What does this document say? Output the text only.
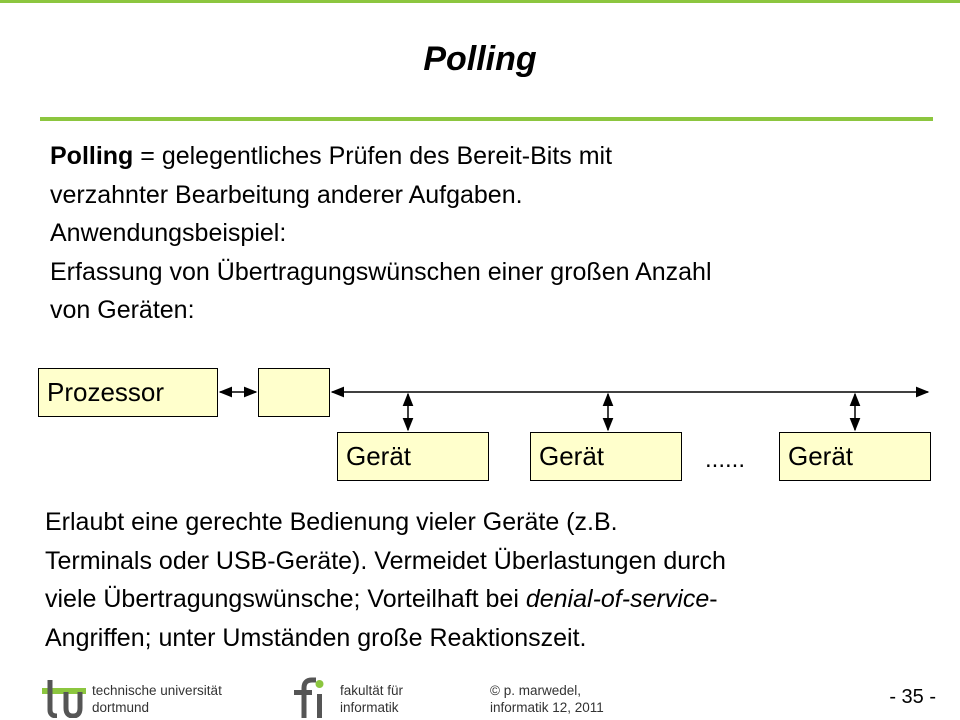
Polling
Polling = gelegentliches Prüfen des Bereit-Bits mit
verzahnter Bearbeitung anderer Aufgaben.
Anwendungsbeispiel:
Erfassung von Übertragungswünschen einer großen Anzahl
von Geräten:
Prozessor
Gerät	Gerät	......	Gerät
Erlaubt eine gerechte Bedienung vieler Geräte (z.B.
Terminals oder USB-Geräte). Vermeidet Überlastungen durch
viele Übertragungswünsche; Vorteilhaft bei denial-of-service-
Angriffen; unter Umständen große Reaktionszeit.
technische universität
dortmund
fakultät für
informatik
© p. marwedel,
informatik 12, 2011	- 35 -
